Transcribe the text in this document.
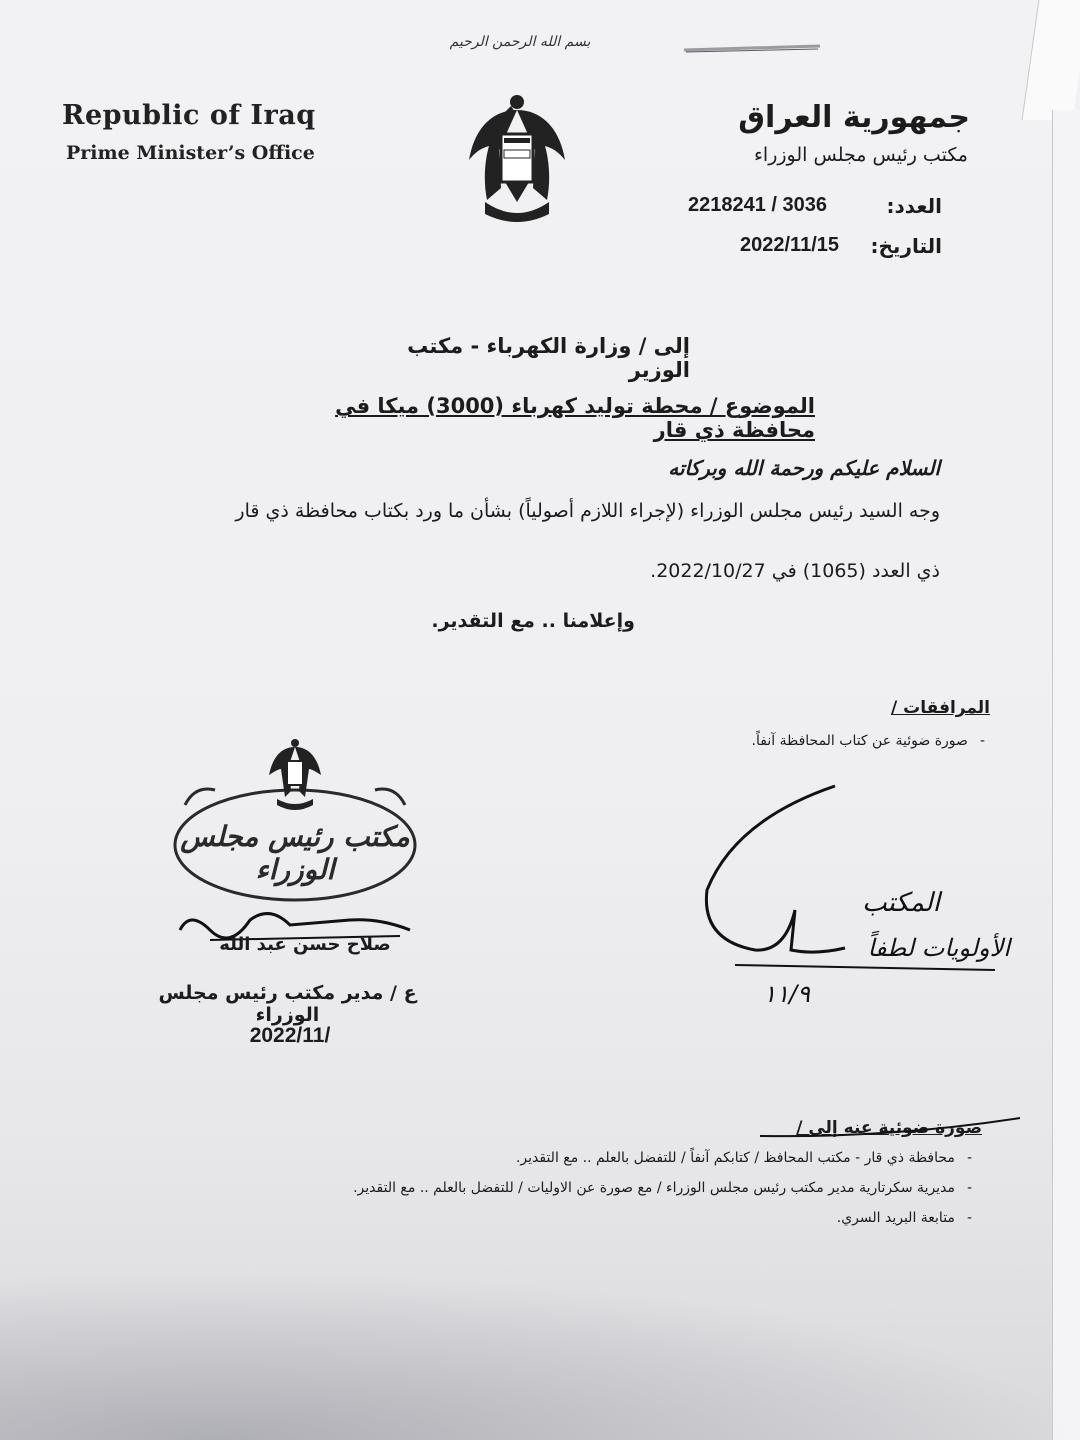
بسم الله الرحمن الرحيم
Republic of Iraq
Prime Minister’s Office
جمهورية العراق
مكتب رئيس مجلس الوزراء
العدد:
2218241 / 3036
التاريخ:
2022/11/15
إلى / وزارة الكهرباء - مكتب الوزير
الموضوع / محطة توليد كهرباء (3000) ميكا في محافظة ذي قار
السلام عليكم ورحمة الله وبركاته
وجه السيد رئيس مجلس الوزراء (لإجراء اللازم أصولياً) بشأن ما ورد بكتاب محافظة ذي قار
ذي العدد (1065) في 2022/10/27.
وإعلامنا .. مع التقدير.
المرافقات /
-
صورة ضوئية عن كتاب المحافظة آنفاً.
مكتب رئيس مجلس الوزراء
صلاح حسن عبد الله
ع / مدير مكتب رئيس مجلس الوزراء
2022/11/
المكتب
الأولويات لطفاً
١١/٩
صورة ضوئية عنه إلى /
-
محافظة ذي قار - مكتب المحافظ / كتابكم آنفاً / للتفضل بالعلم .. مع التقدير.
-
مديرية سكرتارية مدير مكتب رئيس مجلس الوزراء / مع صورة عن الاوليات / للتفضل بالعلم .. مع التقدير.
-
متابعة البريد السري.
